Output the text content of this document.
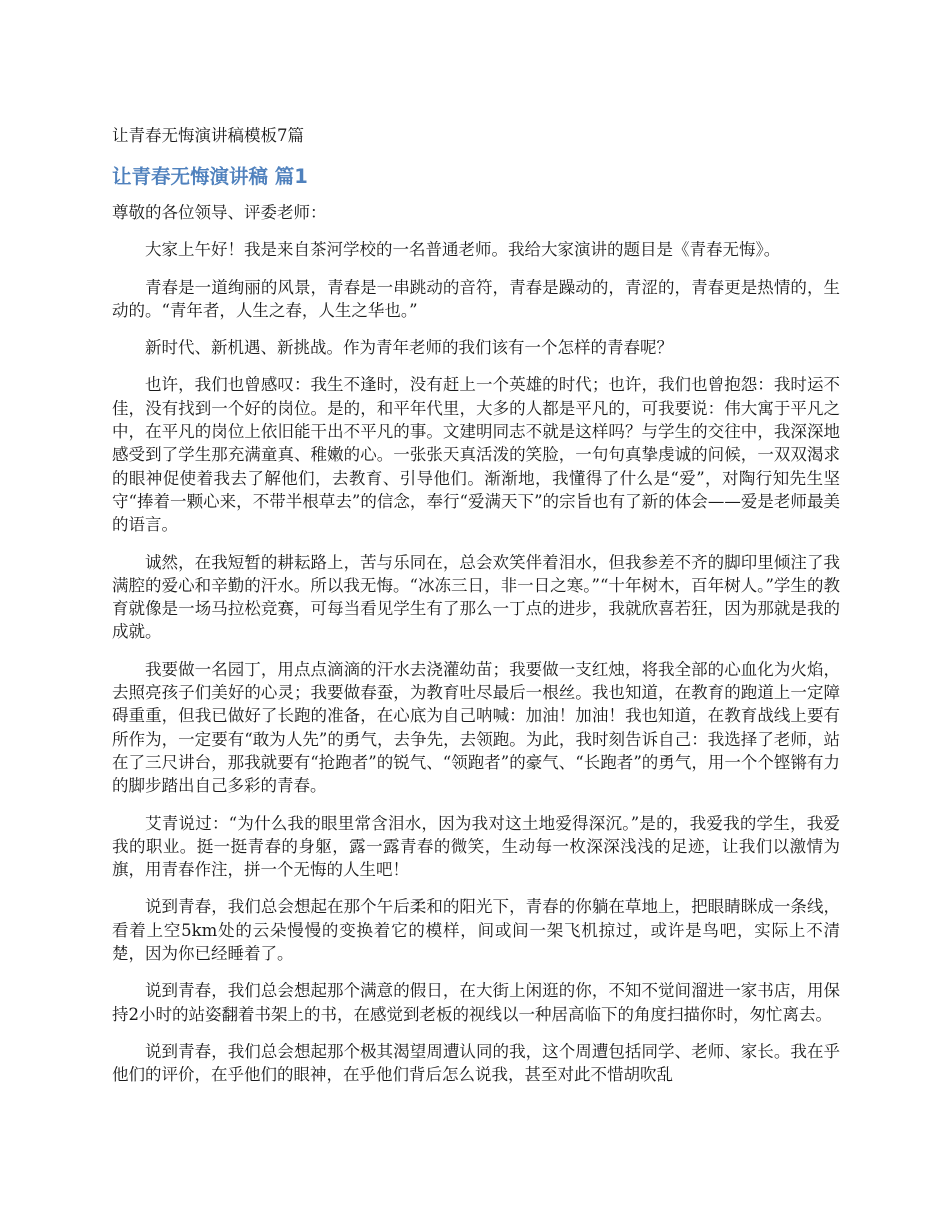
让青春无悔演讲稿模板7篇
让青春无悔演讲稿 篇1
尊敬的各位领导、评委老师：
大家上午好！我是来自茶河学校的一名普通老师。我给大家演讲的题目是《青春无悔》。
青春是一道绚丽的风景，青春是一串跳动的音符，青春是躁动的，青涩的，青春更是热情的，生动的。“青年者，人生之春，人生之华也。”
新时代、新机遇、新挑战。作为青年老师的我们该有一个怎样的青春呢？
也许，我们也曾感叹：我生不逢时，没有赶上一个英雄的时代；也许，我们也曾抱怨：我时运不佳，没有找到一个好的岗位。是的，和平年代里，大多的人都是平凡的，可我要说：伟大寓于平凡之中，在平凡的岗位上依旧能干出不平凡的事。文建明同志不就是这样吗？与学生的交往中，我深深地感受到了学生那充满童真、稚嫩的心。一张张天真活泼的笑脸，一句句真挚虔诚的问候，一双双渴求的眼神促使着我去了解他们，去教育、引导他们。渐渐地，我懂得了什么是“爱”，对陶行知先生坚守“捧着一颗心来，不带半根草去”的信念，奉行“爱满天下”的宗旨也有了新的体会——爱是老师最美的语言。
诚然，在我短暂的耕耘路上，苦与乐同在，总会欢笑伴着泪水，但我参差不齐的脚印里倾注了我满腔的爱心和辛勤的汗水。所以我无悔。“冰冻三日，非一日之寒。”“十年树木，百年树人。”学生的教育就像是一场马拉松竞赛，可每当看见学生有了那么一丁点的进步，我就欣喜若狂，因为那就是我的成就。
我要做一名园丁，用点点滴滴的汗水去浇灌幼苗；我要做一支红烛，将我全部的心血化为火焰，去照亮孩子们美好的心灵；我要做春蚕，为教育吐尽最后一根丝。我也知道，在教育的跑道上一定障碍重重，但我已做好了长跑的准备，在心底为自己呐喊：加油！加油！我也知道，在教育战线上要有所作为，一定要有“敢为人先”的勇气，去争先，去领跑。为此，我时刻告诉自己：我选择了老师，站在了三尺讲台，那我就要有“抢跑者”的锐气、“领跑者”的豪气、“长跑者”的勇气，用一个个铿锵有力的脚步踏出自己多彩的青春。
艾青说过：“为什么我的眼里常含泪水，因为我对这土地爱得深沉。”是的，我爱我的学生，我爱我的职业。挺一挺青春的身躯，露一露青春的微笑，生动每一枚深深浅浅的足迹，让我们以激情为旗，用青春作注，拼一个无悔的人生吧！
说到青春，我们总会想起在那个午后柔和的阳光下，青春的你躺在草地上，把眼睛眯成一条线，看着上空5km处的云朵慢慢的变换着它的模样，间或间一架飞机掠过，或许是鸟吧，实际上不清楚，因为你已经睡着了。
说到青春，我们总会想起那个满意的假日，在大街上闲逛的你，不知不觉间溜进一家书店，用保持2小时的站姿翻着书架上的书，在感觉到老板的视线以一种居高临下的角度扫描你时，匆忙离去。
说到青春，我们总会想起那个极其渴望周遭认同的我，这个周遭包括同学、老师、家长。我在乎他们的评价，在乎他们的眼神，在乎他们背后怎么说我，甚至对此不惜胡吹乱
